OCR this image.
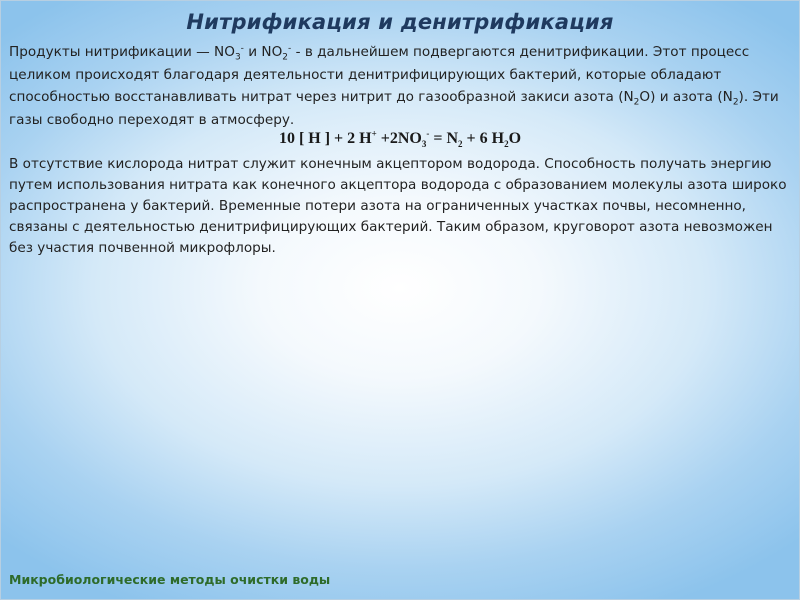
Нитрификация и денитрификация
Продукты нитрификации — $NO_3^-$ и $NO_2^-$ - в дальнейшем подвергаются денитрификации. Этот процесс целиком происходят благодаря деятельности денитрифицирующих бактерий, которые обладают способностью восстанавливать нитрат через нитрит до газообразной закиси азота $(N_2O)$ и азота $(N_2)$. Эти газы свободно переходят в атмосферу.
10 [ Н ] + 2 $Н^+ +2NO_3^- = N_2 + 6$ $H_2O$
В отсутствие кислорода нитрат служит конечным акцептором водорода. Способность получать энергию путем использования нитрата как конечного акцептора водорода с образованием молекулы азота широко распространена у бактерий. Временные потери азота на ограниченных участках почвы, несомненно, связаны с деятельностью денитрифицирующих бактерий. Таким образом, круговорот азота невозможен без участия почвенной микрофлоры.
Микробиологические методы очистки воды
